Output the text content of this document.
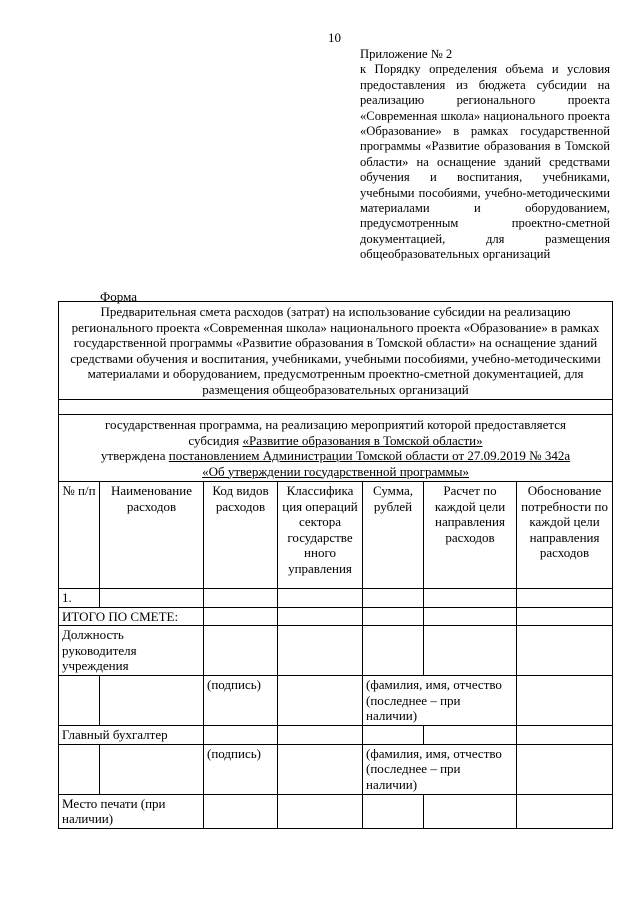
10
Приложение № 2
к Порядку определения объема и условия предоставления из бюджета субсидии на реализацию регионального проекта «Современная школа» национального проекта «Образование» в рамках государственной программы «Развитие образования в Томской области» на оснащение зданий средствами обучения и воспитания, учебниками, учебными пособиями, учебно-методическими материалами и оборудованием, предусмотренным проектно-сметной документацией, для размещения общеобразовательных организаций
Форма
Предварительная смета расходов (затрат) на использование субсидии на реализацию регионального проекта «Современная школа» национального проекта «Образование» в рамках государственной программы «Развитие образования в Томской области» на оснащение зданий средствами обучения и воспитания, учебниками, учебными пособиями, учебно-методическими материалами и оборудованием, предусмотренным проектно-сметной документацией, для размещения общеобразовательных организаций						

государственная программа, на реализацию мероприятий которой предоставляется
субсидия «Развитие образования в Томской области»
утверждена постановлением Администрации Томской области от 27.09.2019 № 342а
«Об утверждении государственной программы»						

№ п/п	Наименование расходов	Код видов расходов	Классифика ция операций сектора государстве нного управления	Сумма, рублей	Расчет по каждой цели направления расходов	Обоснование потребности по каждой цели направления расходов
1.						
ИТОГО ПО СМЕТЕ:						
Должность руководителя учреждения						
		(подпись)		(фамилия, имя, отчество (последнее – при наличии)		
Главный бухгалтер						
		(подпись)		(фамилия, имя, отчество (последнее – при наличии)		
Место печати (при наличии)						
